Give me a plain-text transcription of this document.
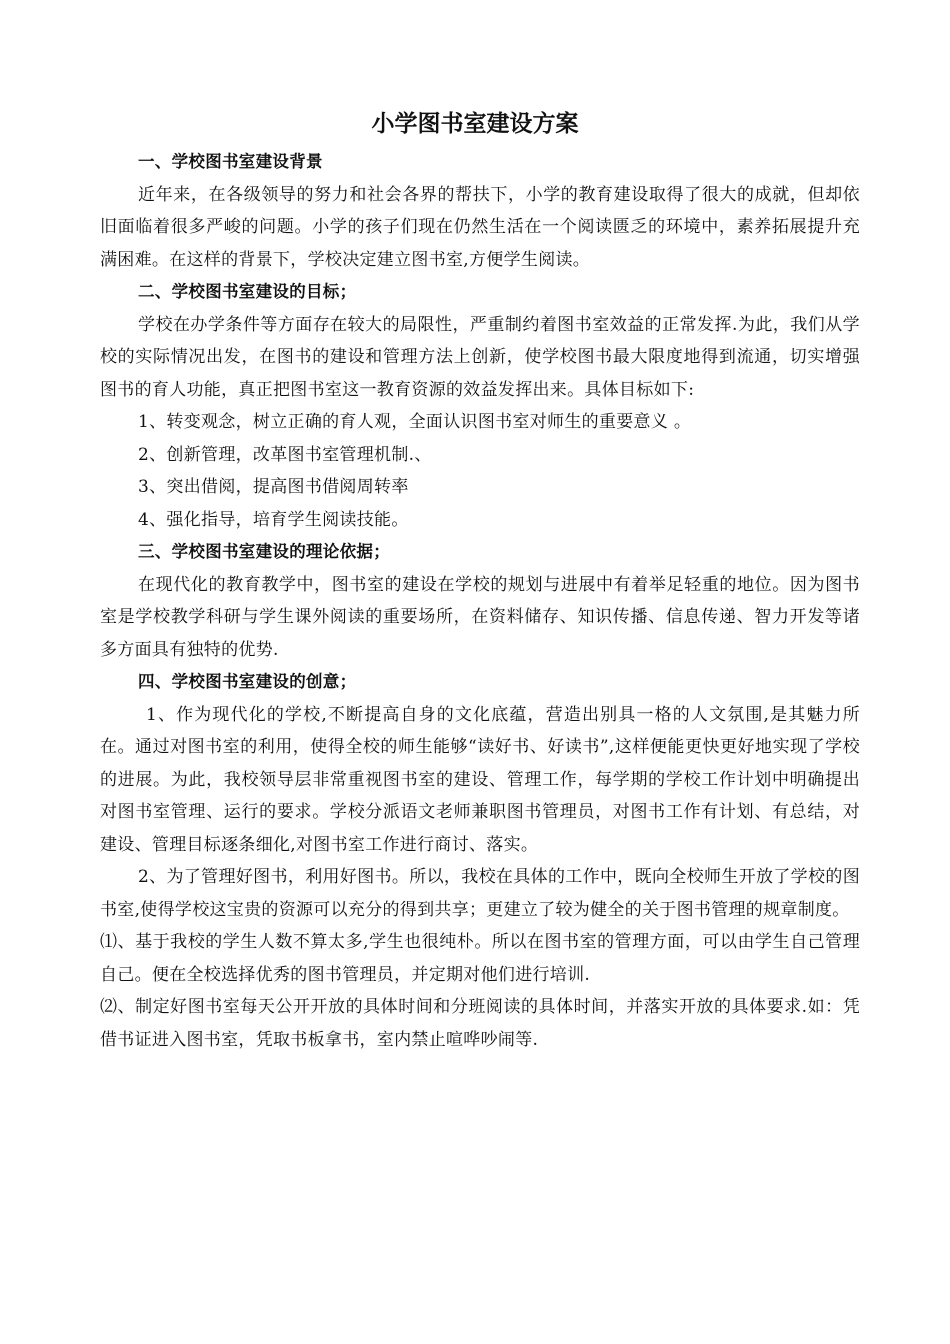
小学图书室建设方案

一、学校图书室建设背景

近年来，在各级领导的努力和社会各界的帮扶下，小学的教育建设取得了很大的成就，但却依旧面临着很多严峻的问题。小学的孩子们现在仍然生活在一个阅读匮乏的环境中，素养拓展提升充满困难。在这样的背景下，学校决定建立图书室,方便学生阅读。

二、学校图书室建设的目标；

学校在办学条件等方面存在较大的局限性，严重制约着图书室效益的正常发挥.为此，我们从学校的实际情况出发，在图书的建设和管理方法上创新，使学校图书最大限度地得到流通，切实增强图书的育人功能，真正把图书室这一教育资源的效益发挥出来。具体目标如下:

1、转变观念，树立正确的育人观，全面认识图书室对师生的重要意义 。

2、创新管理，改革图书室管理机制.、

3、突出借阅，提高图书借阅周转率

4、强化指导，培育学生阅读技能。

三、学校图书室建设的理论依据；

在现代化的教育教学中，图书室的建设在学校的规划与进展中有着举足轻重的地位。因为图书室是学校教学科研与学生课外阅读的重要场所，在资料储存、知识传播、信息传递、智力开发等诸多方面具有独特的优势.

四、学校图书室建设的创意；

1、作为现代化的学校,不断提高自身的文化底蕴，营造出别具一格的人文氛围,是其魅力所在。通过对图书室的利用，使得全校的师生能够“读好书、好读书”,这样便能更快更好地实现了学校的进展。为此，我校领导层非常重视图书室的建设、管理工作，每学期的学校工作计划中明确提出对图书室管理、运行的要求。学校分派语文老师兼职图书管理员，对图书工作有计划、有总结，对建设、管理目标逐条细化,对图书室工作进行商讨、落实。

2、为了管理好图书，利用好图书。所以，我校在具体的工作中，既向全校师生开放了学校的图书室,使得学校这宝贵的资源可以充分的得到共享；更建立了较为健全的关于图书管理的规章制度。

⑴、基于我校的学生人数不算太多,学生也很纯朴。所以在图书室的管理方面，可以由学生自己管理自己。便在全校选择优秀的图书管理员，并定期对他们进行培训.

⑵、制定好图书室每天公开开放的具体时间和分班阅读的具体时间，并落实开放的具体要求.如：凭借书证进入图书室，凭取书板拿书，室内禁止喧哗吵闹等.
